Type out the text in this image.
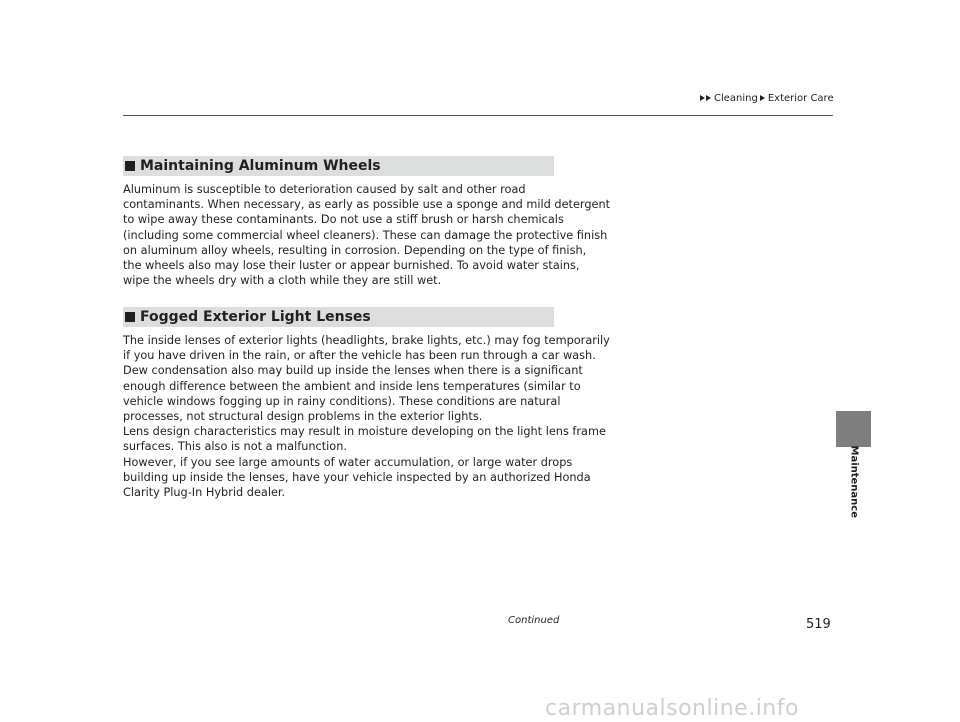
Cleaning Exterior Care
Maintenance
Maintaining Aluminum Wheels
Aluminum is susceptible to deterioration caused by salt and other road
contaminants. When necessary, as early as possible use a sponge and mild detergent
to wipe away these contaminants. Do not use a stiff brush or harsh chemicals
(including some commercial wheel cleaners). These can damage the protective finish
on aluminum alloy wheels, resulting in corrosion. Depending on the type of finish,
the wheels also may lose their luster or appear burnished. To avoid water stains,
wipe the wheels dry with a cloth while they are still wet.
Fogged Exterior Light Lenses
The inside lenses of exterior lights (headlights, brake lights, etc.) may fog temporarily
if you have driven in the rain, or after the vehicle has been run through a car wash.
Dew condensation also may build up inside the lenses when there is a significant
enough difference between the ambient and inside lens temperatures (similar to
vehicle windows fogging up in rainy conditions). These conditions are natural
processes, not structural design problems in the exterior lights.
Lens design characteristics may result in moisture developing on the light lens frame
surfaces. This also is not a malfunction.
However, if you see large amounts of water accumulation, or large water drops
building up inside the lenses, have your vehicle inspected by an authorized Honda
Clarity Plug-In Hybrid dealer.
Continued	519
carmanualsonline.info
